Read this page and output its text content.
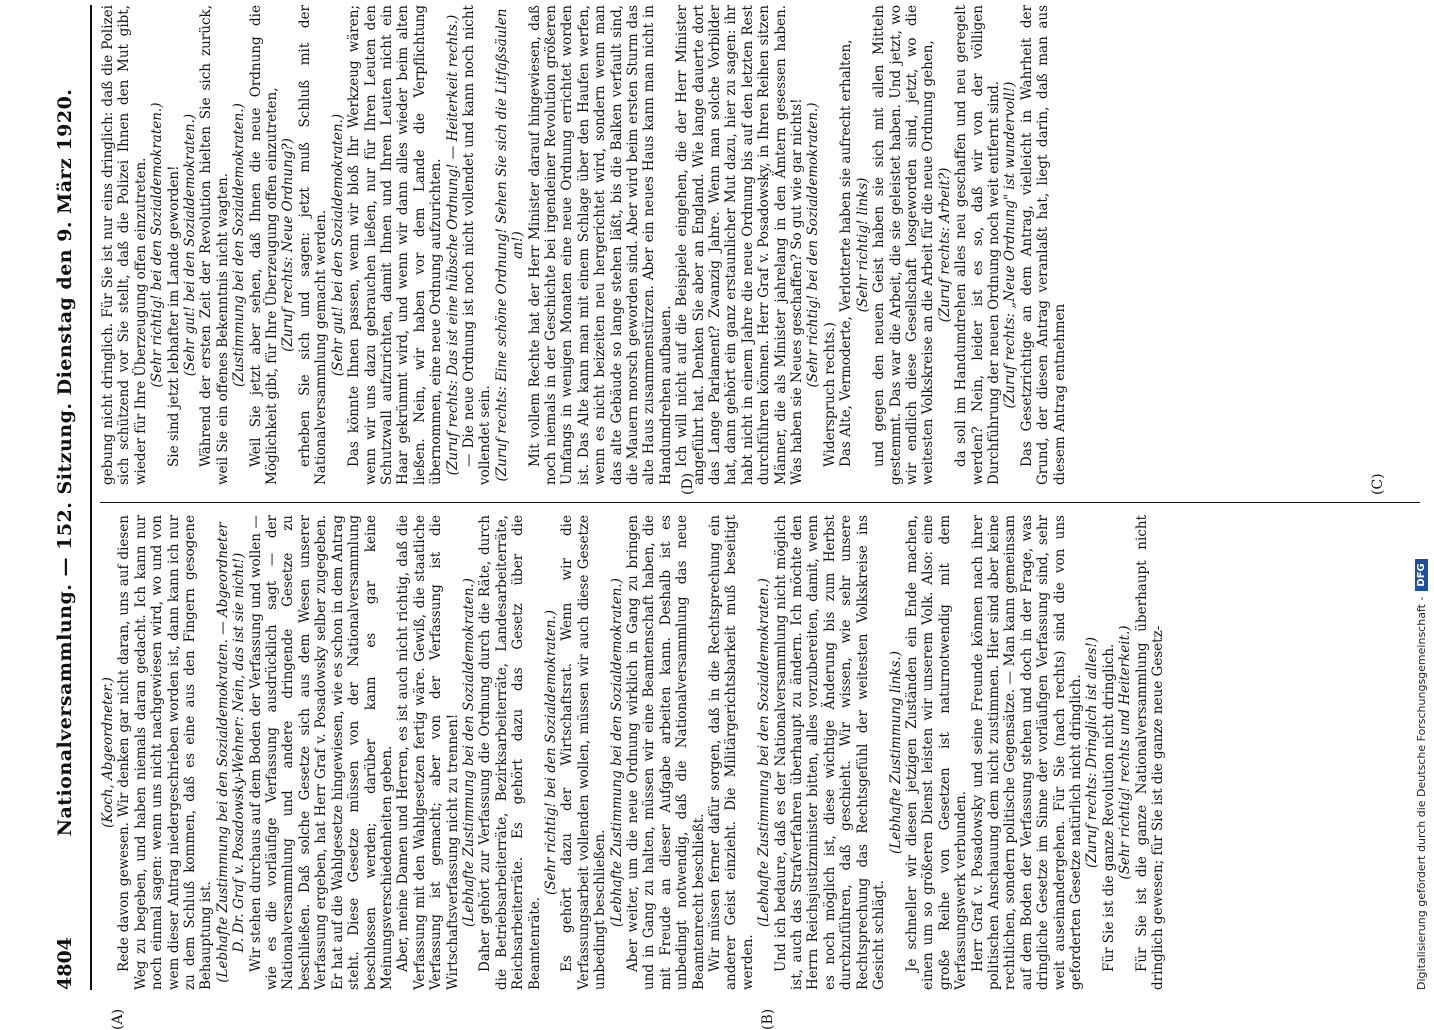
4804
Nationalversammlung. — 152. Sitzung. Dienstag den 9. März 1920. (Koch, Abgeordneter.) Rede davon gewesen. Wir denken gar nicht daran, uns auf diesen Weg zu begeben, und haben niemals daran gedacht. Ich kann nur noch einmal sagen: wenn uns nicht nachgewiesen wird, wo und von wem dieser Antrag niedergeschrieben worden ist, dann kann ich nur zu dem Schluß kommen, daß es eine aus den Fingern gesogene Behauptung ist. (Lebhafte Zustimmung bei den Sozialdemokraten. — Abgeordneter D. Dr. Graf v. Posadowsky-Wehner: Nein, das ist sie nicht!) Wir stehen durchaus auf dem Boden der Verfassung und wollen — wie es die vorläufige Verfassung ausdrücklich sagt — der Nationalversammlung und andere dringende Gesetze zu beschließen. Daß solche Gesetze sich aus dem Wesen unserer Verfassung ergeben, hat Herr Graf v. Posadowsky selber zugegeben. Er hat auf die Wahlgesetze hingewiesen, wie es schon in dem Antrag steht. Diese Gesetze müssen von der Nationalversammlung beschlossen werden; darüber kann es gar keine Meinungsverschiedenheiten geben. Aber, meine Damen und Herren, es ist auch nicht richtig, daß die Verfassung mit den Wahlgesetzen fertig wäre. Gewiß, die staatliche Verfassung ist gemacht; aber von der Verfassung ist die Wirtschaftsverfassung nicht zu trennen! (Lebhafte Zustimmung bei den Sozialdemokraten.) Daher gehört zur Verfassung die Ordnung durch die Räte, durch die Betriebsarbeiterräte, Bezirksarbeiterräte, Landesarbeiterräte, Reichsarbeiterräte. Es gehört dazu das Gesetz über die Beamtenräte.

(Sehr richtig! bei den Sozialdemokraten.) Es gehört dazu der Wirtschaftsrat. Wenn wir die Verfassungsarbeit vollenden wollen, müssen wir auch diese Gesetze unbedingt beschließen. (Lebhafte Zustimmung bei den Sozialdemokraten.) Aber weiter, um die neue Ordnung wirklich in Gang zu bringen und in Gang zu halten, müssen wir eine Beamtenschaft haben, die mit Freude an dieser Aufgabe arbeiten kann. Deshalb ist es unbedingt notwendig, daß die Nationalversammlung das neue Beamtenrecht beschließt. Wir müssen ferner dafür sorgen, daß in die Rechtsprechung ein anderer Geist einzieht. Die Militärgerichtsbarkeit muß beseitigt werden.

(Lebhafte Zustimmung bei den Sozialdemokraten.) Und ich bedaure, daß es der Nationalversammlung nicht möglich ist, auch das Strafverfahren überhaupt zu ändern. Ich möchte den Herrn Reichsjustizminister bitten, alles vorzubereiten, damit, wenn es noch möglich ist, diese wichtige Änderung bis zum Herbst durchzuführen, daß geschieht. Wir wissen, wie sehr unsere Rechtsprechung das Rechtsgefühl der weitesten Volkskreise ins Gesicht schlägt.

(Lebhafte Zustimmung links.) Je schneller wir diesen jetzigen Zuständen ein Ende machen, einen um so größeren Dienst leisten wir unserem Volk. Also: eine große Reihe von Gesetzen ist naturnotwendig mit dem Verfassungswerk verbunden. Herr Graf v. Posadowsky und seine Freunde können nach ihrer politischen Anschauung dem nicht zustimmen. Hier sind aber keine rechtlichen, sondern politische Gegensätze. — Man kann gemeinsam auf dem Boden der Verfassung stehen und doch in der Frage, was dringliche Gesetze im Sinne der vorläufigen Verfassung sind, sehr weit auseinandergehen. Für Sie (nach rechts) sind die von uns geforderten Gesetze natürlich nicht dringlich. (Zuruf rechts: Dringlich ist alles!) Für Sie ist die ganze Revolution nicht dringlich. (Sehr richtig! rechts und Heiterkeit.) Für Sie ist die ganze Nationalversammlung überhaupt nicht dringlich gewesen; für Sie ist die ganze neue Gesetz-

gebung nicht dringlich. Für Sie ist nur eins dringlich: daß die Polizei sich schützend vor Sie stellt, daß die Polizei Ihnen den Mut gibt, wieder für Ihre Überzeugung offen einzutreten. (Sehr richtig! bei den Sozialdemokraten.) Sie sind jetzt lebhafter im Lande geworden! (Sehr gut! bei den Sozialdemokraten.) Während der ersten Zeit der Revolution hielten Sie sich zurück, weil Sie ein offenes Bekenntnis nicht wagten. (Zustimmung bei den Sozialdemokraten.) Weil Sie jetzt aber sehen, daß Ihnen die neue Ordnung die Möglichkeit gibt, für Ihre Überzeugung offen einzutreten, (Zuruf rechts: Neue Ordnung?) erheben Sie sich und sagen: jetzt muß Schluß mit der Nationalversammlung gemacht werden. (Sehr gut! bei den Sozialdemokraten.) Das könnte Ihnen passen, wenn wir bloß Ihr Werkzeug wären; wenn wir uns dazu gebrauchen ließen, nur für Ihren Leuten den Schutzwall aufzurichten, damit Ihnen und Ihren Leuten nicht ein Haar gekrümmt wird, und wenn wir dann alles wieder beim alten ließen. Nein, wir haben vor dem Lande die Verpflichtung übernommen, eine neue Ordnung aufzurichten. (Zuruf rechts: Das ist eine hübsche Ordnung! — Heiterkeit rechts.) — Die neue Ordnung ist noch nicht vollendet und kann noch nicht vollendet sein. (Zuruf rechts: Eine schöne Ordnung! Sehen Sie sich die Litfaßsäulen an!) Mit vollem Rechte hat der Herr Minister darauf hingewiesen, daß noch niemals in der Geschichte bei irgendeiner Revolution größeren Umfangs in wenigen Monaten eine neue Ordnung errichtet worden ist. Das Alte kann man mit einem Schlage über den Haufen werfen, wenn es nicht beizeiten neu hergerichtet wird, sondern wenn man das alte Gebäude so lange stehen läßt, bis die Balken verfault sind, die Mauern morsch geworden sind. Aber wird beim ersten Sturm das alte Haus zusammenstürzen. Aber ein neues Haus kann man nicht in Handumdrehen aufbauen. Ich will nicht auf die Beispiele eingehen, die der Herr Minister angeführt hat. Denken Sie aber an England. Wie lange dauerte dort das Lange Parlament? Zwanzig Jahre. Wenn man solche Vorbilder hat, dann gehört ein ganz erstaunlicher Mut dazu, hier zu sagen: ihr habt nicht in einem Jahre die neue Ordnung bis auf den letzten Rest durchführen können. Herr Graf v. Posadowsky, in Ihren Reihen sitzen Männer, die als Minister jahrelang in den Ämtern gesessen haben. Was haben sie Neues geschaffen? So gut wie gar nichts! (Sehr richtig! bei den Sozialdemokraten.)

Widerspruch rechts.) Das Alte, Vermoderte, Verlotterte haben sie aufrecht erhalten, (Sehr richtig! links) und gegen den neuen Geist haben sie sich mit allen Mitteln gestemmt. Das war die Arbeit, die sie geleistet haben. Und jetzt, wo wir endlich diese Gesellschaft losgeworden sind, jetzt, wo die weitesten Volkskreise an die Arbeit für die neue Ordnung gehen, (Zuruf rechts: Arbeit?) da soll im Handumdrehen alles neu geschaffen und neu geregelt werden? Nein, leider ist es so, daß wir von der völligen Durchführung der neuen Ordnung noch weit entfernt sind. (Zuruf rechts: „Neue Ordnung" ist wundervoll!) Das Gesetzrichtige an dem Antrag, vielleicht in Wahrheit der Grund, der diesen Antrag veranlaßt hat, liegt darin, daß man aus diesem Antrag entnehmen

(A)	(B)
(C)
(D)
Digitalisierung gefördert durch die Deutsche Forschungsgemeinschaft -
DFG
